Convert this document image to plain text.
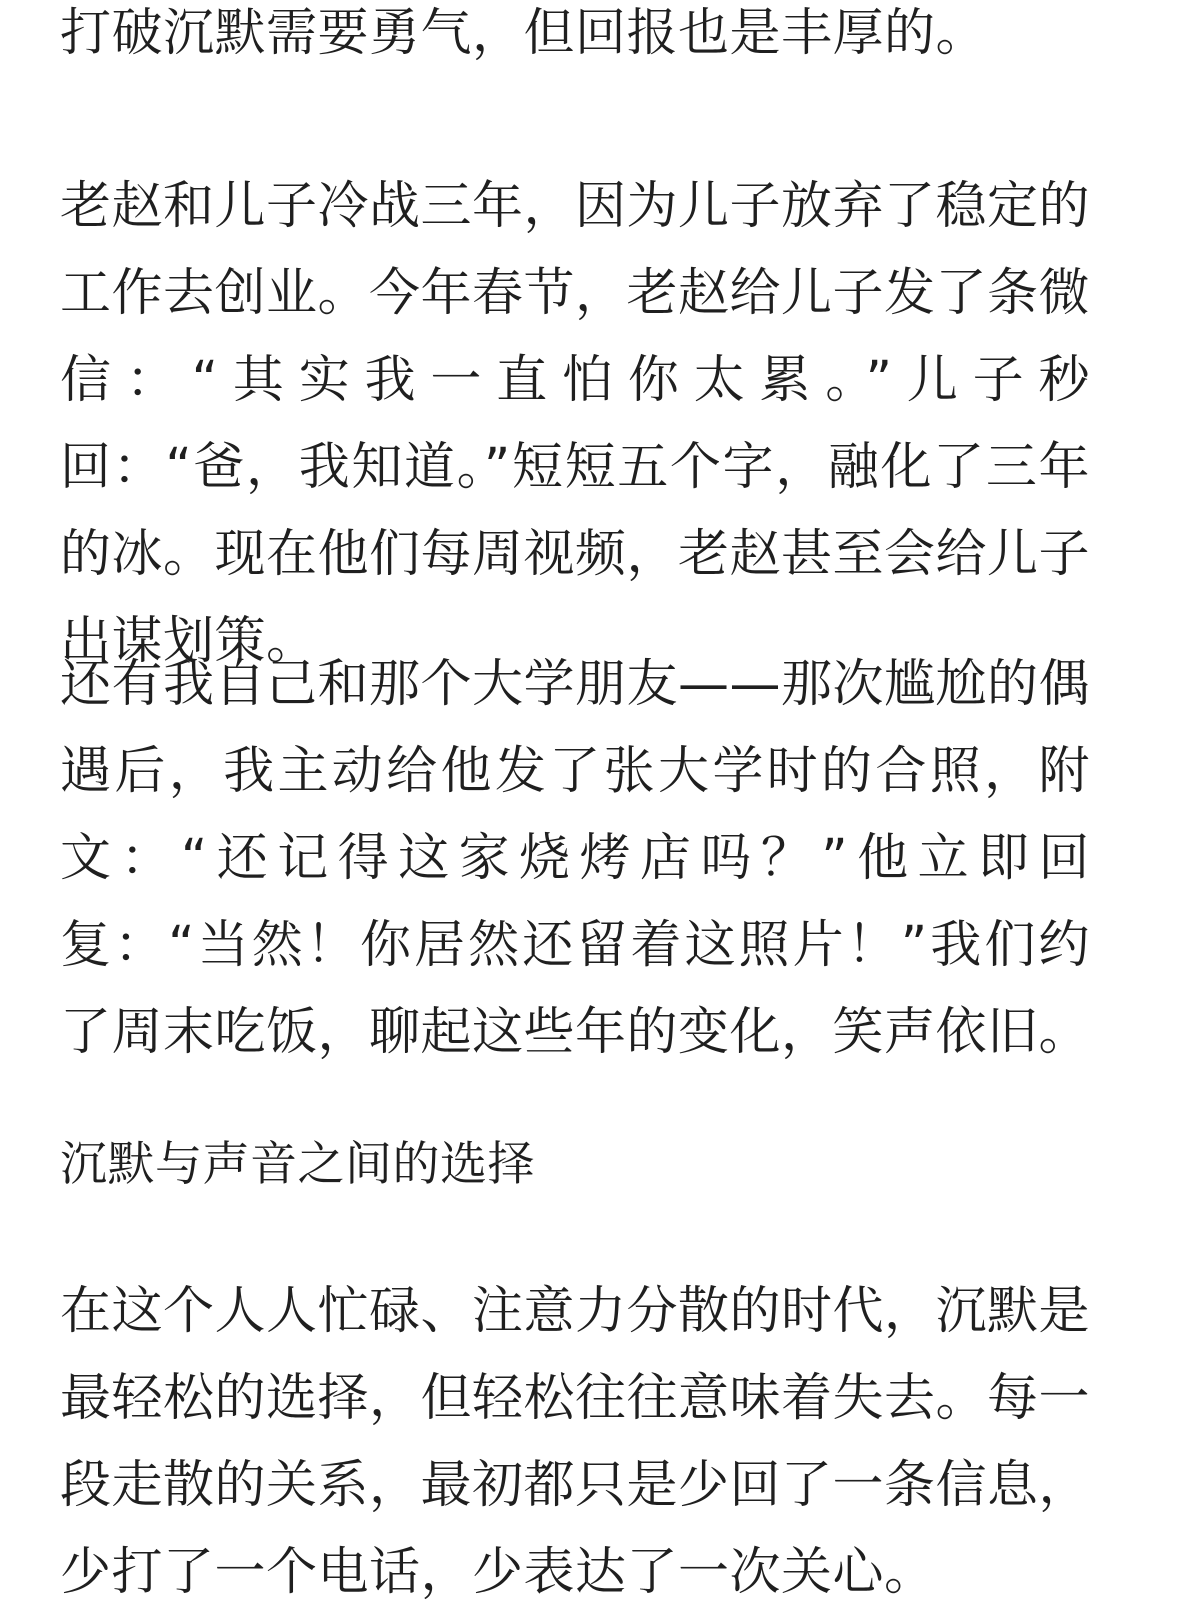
打破沉默需要勇气，但回报也是丰厚的。

老赵和儿子冷战三年，因为儿子放弃了稳定的工作去创业。今年春节，老赵给儿子发了条微信：“其实我一直怕你太累。”儿子秒回：“爸，我知道。”短短五个字，融化了三年的冰。现在他们每周视频，老赵甚至会给儿子出谋划策。

还有我自己和那个大学朋友——那次尴尬的偶遇后，我主动给他发了张大学时的合照，附文：“还记得这家烧烤店吗？”他立即回复：“当然！你居然还留着这照片！”我们约了周末吃饭，聊起这些年的变化，笑声依旧。

沉默与声音之间的选择

在这个人人忙碌、注意力分散的时代，沉默是最轻松的选择，但轻松往往意味着失去。每一段走散的关系，最初都只是少回了一条信息，少打了一个电话，少表达了一次关心。
